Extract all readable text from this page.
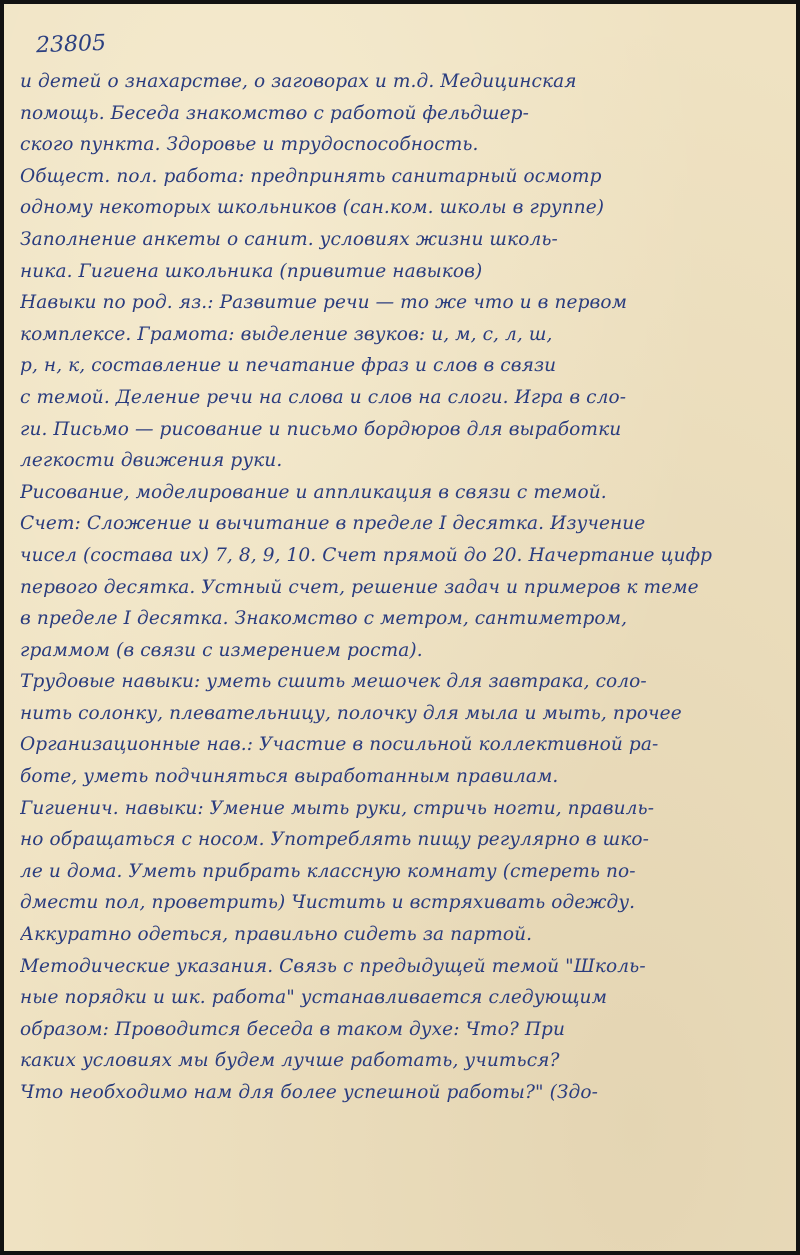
23805
и детей о знахарстве, о заговорах и т.д. Медицинская
помощь. Беседа знакомство с работой фельдшер-
ского пункта. Здоровье и трудоспособность.
Общест. пол. работа: предпринять санитарный осмотр
одному некоторых школьников (сан.ком. школы в группе)
Заполнение анкеты о санит. условиях жизни школь-
ника. Гигиена школьника (привитие навыков)
Навыки по род. яз.: Развитие речи — то же что и в первом
комплексе. Грамота: выделение звуков: и, м, с, л, ш,
р, н, к, составление и печатание фраз и слов в связи
с темой. Деление речи на слова и слов на слоги. Игра в сло-
ги. Письмо — рисование и письмо бордюров для выработки
легкости движения руки.
Рисование, моделирование и аппликация в связи с темой.
Счет: Сложение и вычитание в пределе I десятка. Изучение
чисел (состава их) 7, 8, 9, 10. Счет прямой до 20. Начертание цифр
первого десятка. Устный счет, решение задач и примеров к теме
в пределе I десятка. Знакомство с метром, сантиметром,
граммом (в связи с измерением роста).
Трудовые навыки: уметь сшить мешочек для завтрака, соло-
нить солонку, плевательницу, полочку для мыла и мыть, прочее
Организационные нав.: Участие в посильной коллективной ра-
боте, уметь подчиняться выработанным правилам.
Гигиенич. навыки: Умение мыть руки, стричь ногти, правиль-
но обращаться с носом. Употреблять пищу регулярно в шко-
ле и дома. Уметь прибрать классную комнату (стереть по-
дмести пол, проветрить) Чистить и встряхивать одежду.
Аккуратно одеться, правильно сидеть за партой.
Методические указания. Связь с предыдущей темой "Школь-
ные порядки и шк. работа" устанавливается следующим
образом: Проводится беседа в таком духе: Что? При
каких условиях мы будем лучше работать, учиться?
Что необходимо нам для более успешной работы?" (Здо-
